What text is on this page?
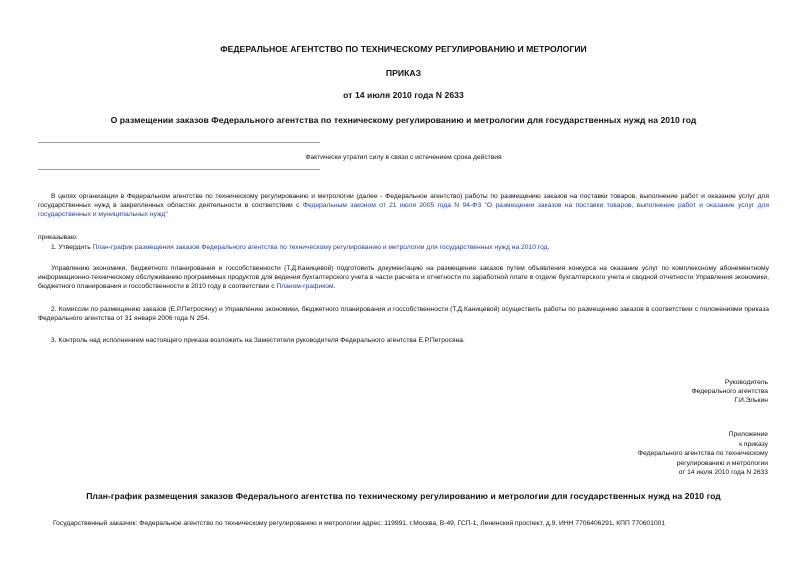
ФЕДЕРАЛЬНОЕ АГЕНТСТВО ПО ТЕХНИЧЕСКОМУ РЕГУЛИРОВАНИЮ И МЕТРОЛОГИИ
ПРИКАЗ
от 14 июля 2010 года N 2633
О размещении заказов Федерального агентства по техническому регулированию и метрологии для государственных нужд на 2010 год
Фактически утратил силу в связи с истечением срока действия
В целях организации в Федеральном агентстве по техническому регулированию и метрологии (далее - Федеральное агентство) работы по размещению заказов на поставки товаров, выполнение работ и оказание услуг для государственных нужд в закрепленных областях деятельности в соответствии с Федеральным законом от 21 июля 2005 года N 94-ФЗ "О размещении заказов на поставки товаров, выполнение работ и оказание услуг для государственных и муниципальных нужд"
приказываю:
1. Утвердить План-график размещения заказов Федерального агентства по техническому регулированию и метрологии для государственных нужд на 2010 год.
Управлению экономики, бюджетного планирования и госсобственности (Т.Д.Каницевой) подготовить документацию на размещение заказов путем объявления конкурса на оказание услуг по комплексному абонементному информационно-техническому обслуживанию программных продуктов для ведения бухгалтерского учета в части расчета и отчетности по заработной плате в отделе бухгалтерского учета и сводной отчетности Управления экономики, бюджетного планирования и госсобственности в 2010 году в соответствии с Планом-графиком.
2. Комиссии по размещению заказов (Е.Р.Петросяну) и Управлению экономики, бюджетного планирования и госсобственности (Т.Д.Каницевой) осуществить работы по размещению заказов в соответствии с положениями приказа Федерального агентства от 31 января 2006 года N 254.
3. Контроль над исполнением настоящего приказа возложить на Заместителя руководителя Федерального агентства Е.Р.Петросяна.
Руководитель
Федерального агентства
Г.И.Элькин
Приложение
к приказу
Федерального агентства по техническому
регулированию и метрологии
от 14 июля 2010 года N 2633
План-график размещения заказов Федерального агентства по техническому регулированию и метрологии для государственных нужд на 2010 год
Государственный заказчик: Федеральное агентство по техническому регулированию и метрологии адрес: 119991, г.Москва, В-49, ГСП-1, Ленинский проспект, д.9, ИНН 7706406291, КПП 770601001
